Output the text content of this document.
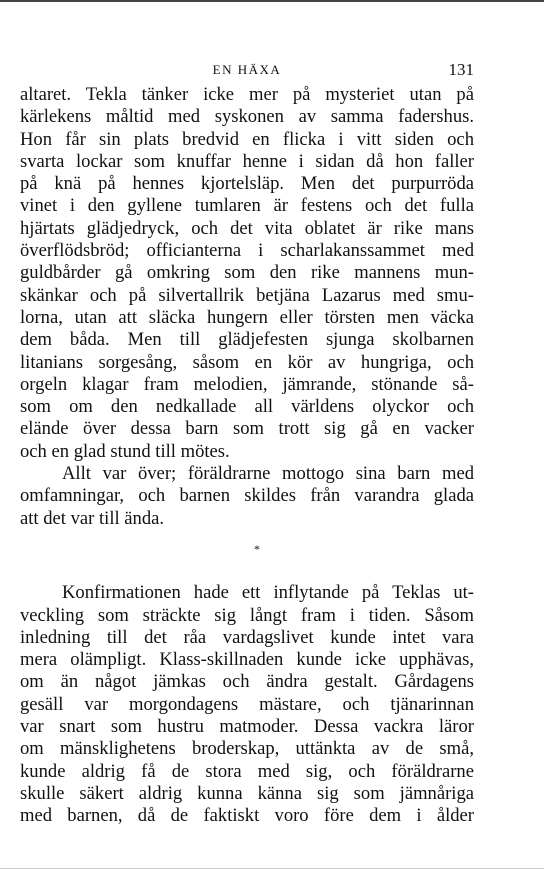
EN HÄXA	131
altaret. Tekla tänker icke mer på mysteriet utan på
kärlekens måltid med syskonen av samma fadershus.
Hon får sin plats bredvid en flicka i vitt siden och
svarta lockar som knuffar henne i sidan då hon faller
på knä på hennes kjortelsläp. Men det purpurröda
vinet i den gyllene tumlaren är festens och det fulla
hjärtats glädjedryck, och det vita oblatet är rike mans
överflödsbröd; officianterna i scharlakanssammet med
guldbårder gå omkring som den rike mannens mun-
skänkar och på silvertallrik betjäna Lazarus med smu-
lorna, utan att släcka hungern eller törsten men väcka
dem båda. Men till glädjefesten sjunga skolbarnen
litanians sorgesång, såsom en kör av hungriga, och
orgeln klagar fram melodien, jämrande, stönande så-
som om den nedkallade all världens olyckor och
elände över dessa barn som trott sig gå en vacker
och en glad stund till mötes.
Allt var över; föräldrarne mottogo sina barn med
omfamningar, och barnen skildes från varandra glada
att det var till ända.
*
Konfirmationen hade ett inflytande på Teklas ut-
veckling som sträckte sig långt fram i tiden. Såsom
inledning till det råa vardagslivet kunde intet vara
mera olämpligt. Klass-skillnaden kunde icke upphävas,
om än något jämkas och ändra gestalt. Gårdagens
gesäll var morgondagens mästare, och tjänarinnan
var snart som hustru matmoder. Dessa vackra läror
om mänsklighetens broderskap, uttänkta av de små,
kunde aldrig få de stora med sig, och föräldrarne
skulle säkert aldrig kunna känna sig som jämnåriga
med barnen, då de faktiskt voro före dem i ålder
